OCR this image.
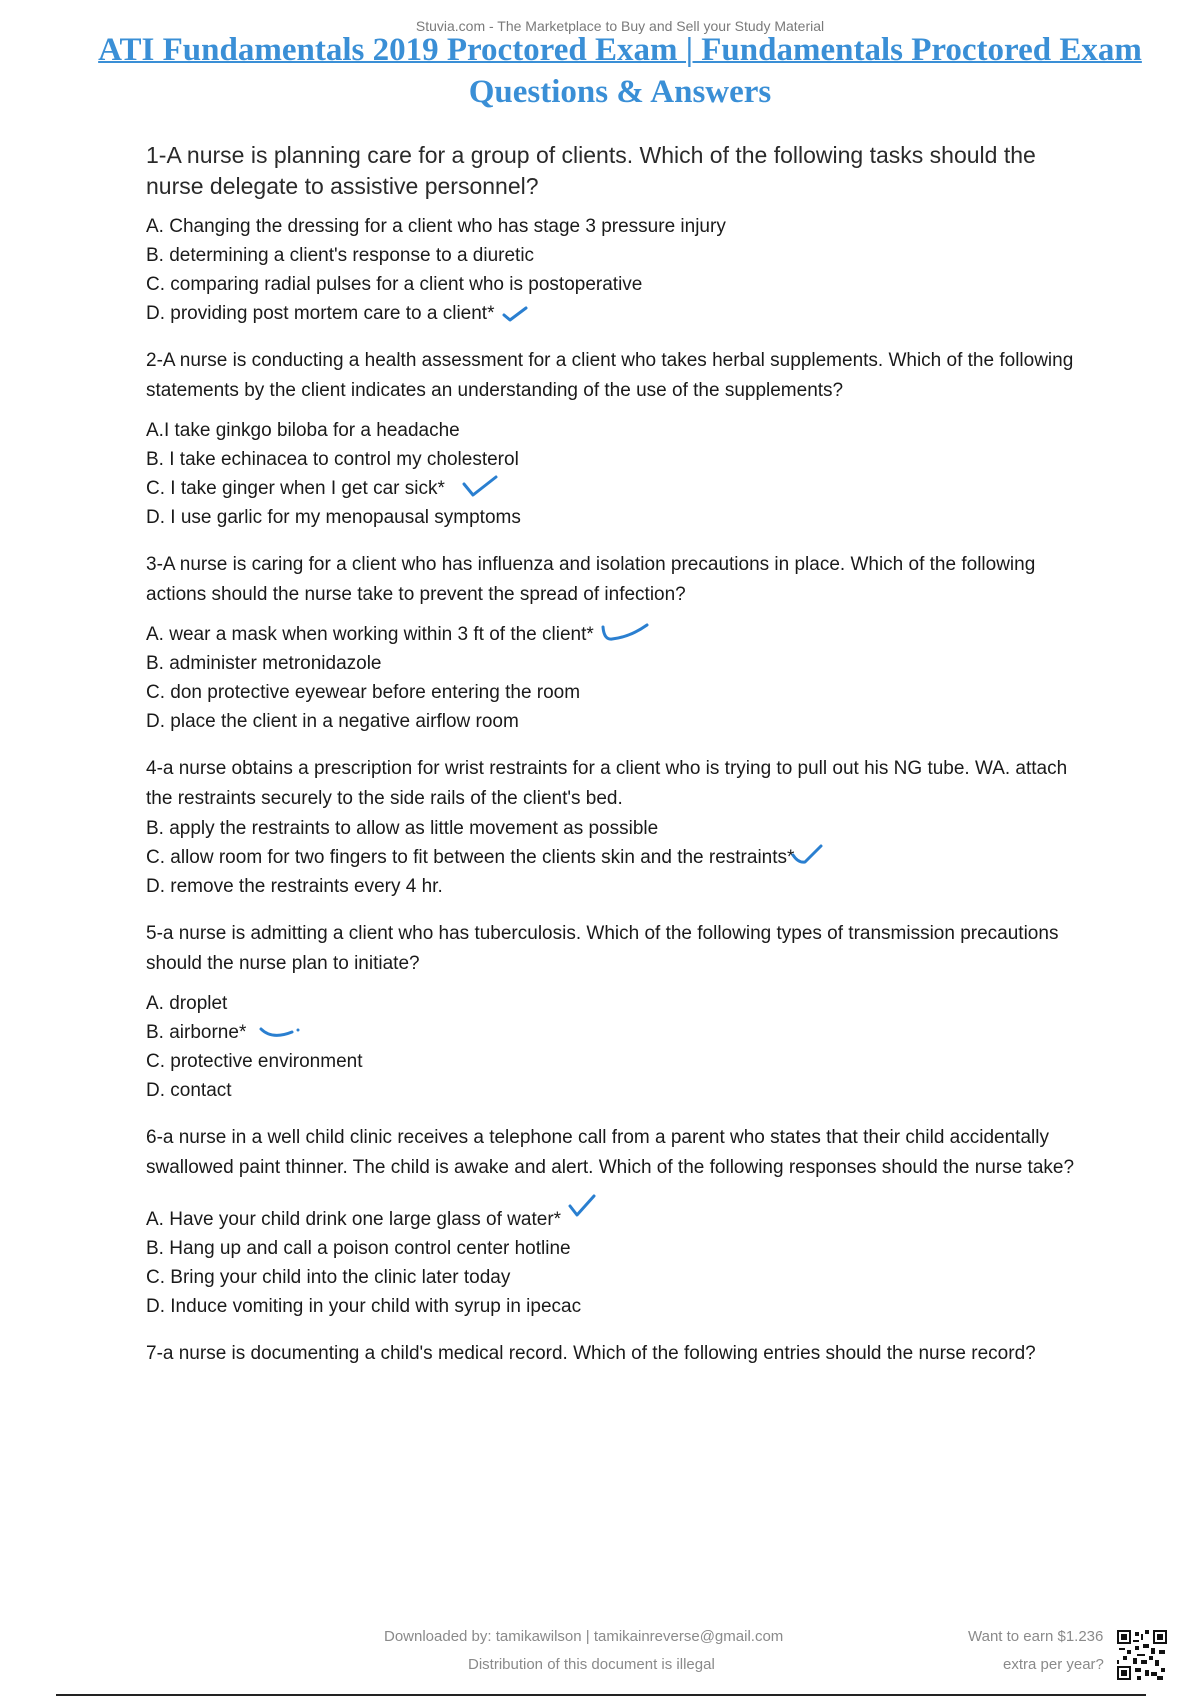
Stuvia.com - The Marketplace to Buy and Sell your Study Material
ATI Fundamentals 2019 Proctored Exam | Fundamentals Proctored Exam
Questions & Answers
1-A nurse is planning care for a group of clients. Which of the following tasks should the nurse delegate to assistive personnel?
A. Changing the dressing for a client who has stage 3 pressure injury
B. determining a client's response to a diuretic
C. comparing radial pulses for a client who is postoperative
D. providing post mortem care to a client*
2-A nurse is conducting a health assessment for a client who takes herbal supplements. Which of the following statements by the client indicates an understanding of the use of the supplements?
A.I take ginkgo biloba for a headache
B. I take echinacea to control my cholesterol
C. I take ginger when I get car sick*
D. I use garlic for my menopausal symptoms
3-A nurse is caring for a client who has influenza and isolation precautions in place. Which of the following actions should the nurse take to prevent the spread of infection?
A. wear a mask when working within 3 ft of the client*
B. administer metronidazole
C. don protective eyewear before entering the room
D. place the client in a negative airflow room
4-a nurse obtains a prescription for wrist restraints for a client who is trying to pull out his NG tube. WA. attach the restraints securely to the side rails of the client's bed.
B. apply the restraints to allow as little movement as possible
C. allow room for two fingers to fit between the clients skin and the restraints*
D. remove the restraints every 4 hr.
5-a nurse is admitting a client who has tuberculosis. Which of the following types of transmission precautions should the nurse plan to initiate?
A. droplet
B. airborne*
C. protective environment
D. contact
6-a nurse in a well child clinic receives a telephone call from a parent who states that their child accidentally swallowed paint thinner. The child is awake and alert. Which of the following responses should the nurse take?
A. Have your child drink one large glass of water*
B. Hang up and call a poison control center hotline
C. Bring your child into the clinic later today
D. Induce vomiting in your child with syrup in ipecac
7-a nurse is documenting a child's medical record. Which of the following entries should the nurse record?
Downloaded by: tamikawilson | tamikainreverse@gmail.com
Distribution of this document is illegal
Want to earn $1.236
extra per year?
